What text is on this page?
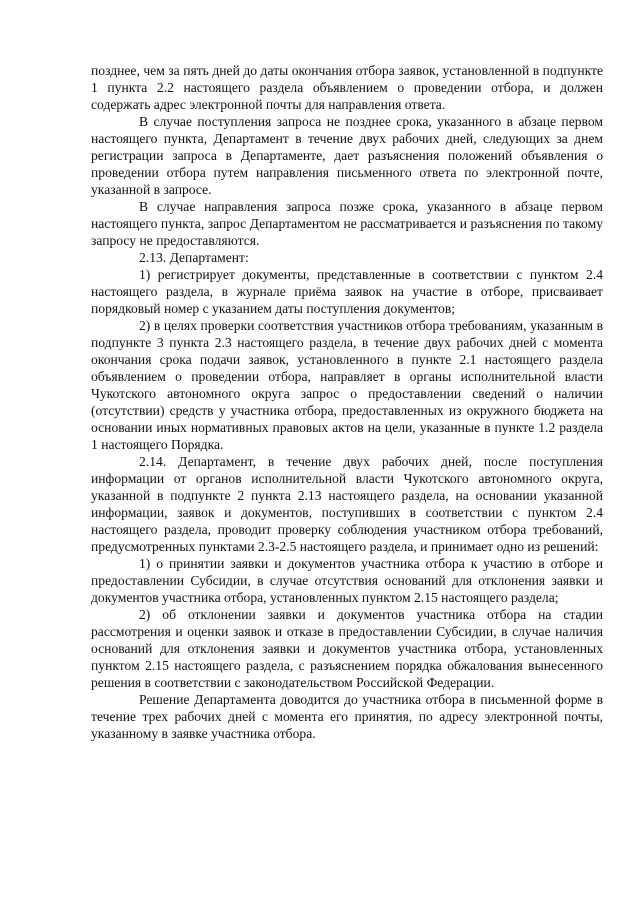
позднее, чем за пять дней до даты окончания отбора заявок, установленной в подпункте 1 пункта 2.2 настоящего раздела объявлением о проведении отбора, и должен содержать адрес электронной почты для направления ответа.

В случае поступления запроса не позднее срока, указанного в абзаце первом настоящего пункта, Департамент в течение двух рабочих дней, следующих за днем регистрации запроса в Департаменте, дает разъяснения положений объявления о проведении отбора путем направления письменного ответа по электронной почте, указанной в запросе.

В случае направления запроса позже срока, указанного в абзаце первом настоящего пункта, запрос Департаментом не рассматривается и разъяснения по такому запросу не предоставляются.

2.13. Департамент:

1) регистрирует документы, представленные в соответствии с пунктом 2.4 настоящего раздела, в журнале приёма заявок на участие в отборе, присваивает порядковый номер с указанием даты поступления документов;

2) в целях проверки соответствия участников отбора требованиям, указанным в подпункте 3 пункта 2.3 настоящего раздела, в течение двух рабочих дней с момента окончания срока подачи заявок, установленного в пункте 2.1 настоящего раздела объявлением о проведении отбора, направляет в органы исполнительной власти Чукотского автономного округа запрос о предоставлении сведений о наличии (отсутствии) средств у участника отбора, предоставленных из окружного бюджета на основании иных нормативных правовых актов на цели, указанные в пункте 1.2 раздела 1 настоящего Порядка.

2.14. Департамент, в течение двух рабочих дней, после поступления информации от органов исполнительной власти Чукотского автономного округа, указанной в подпункте 2 пункта 2.13 настоящего раздела, на основании указанной информации, заявок и документов, поступивших в соответствии с пунктом 2.4 настоящего раздела, проводит проверку соблюдения участником отбора требований, предусмотренных пунктами 2.3-2.5 настоящего раздела, и принимает одно из решений:

1) о принятии заявки и документов участника отбора к участию в отборе и предоставлении Субсидии, в случае отсутствия оснований для отклонения заявки и документов участника отбора, установленных пунктом 2.15 настоящего раздела;

2) об отклонении заявки и документов участника отбора на стадии рассмотрения и оценки заявок и отказе в предоставлении Субсидии, в случае наличия оснований для отклонения заявки и документов участника отбора, установленных пунктом 2.15 настоящего раздела, с разъяснением порядка обжалования вынесенного решения в соответствии с законодательством Российской Федерации.

Решение Департамента доводится до участника отбора в письменной форме в течение трех рабочих дней с момента его принятия, по адресу электронной почты, указанному в заявке участника отбора.
